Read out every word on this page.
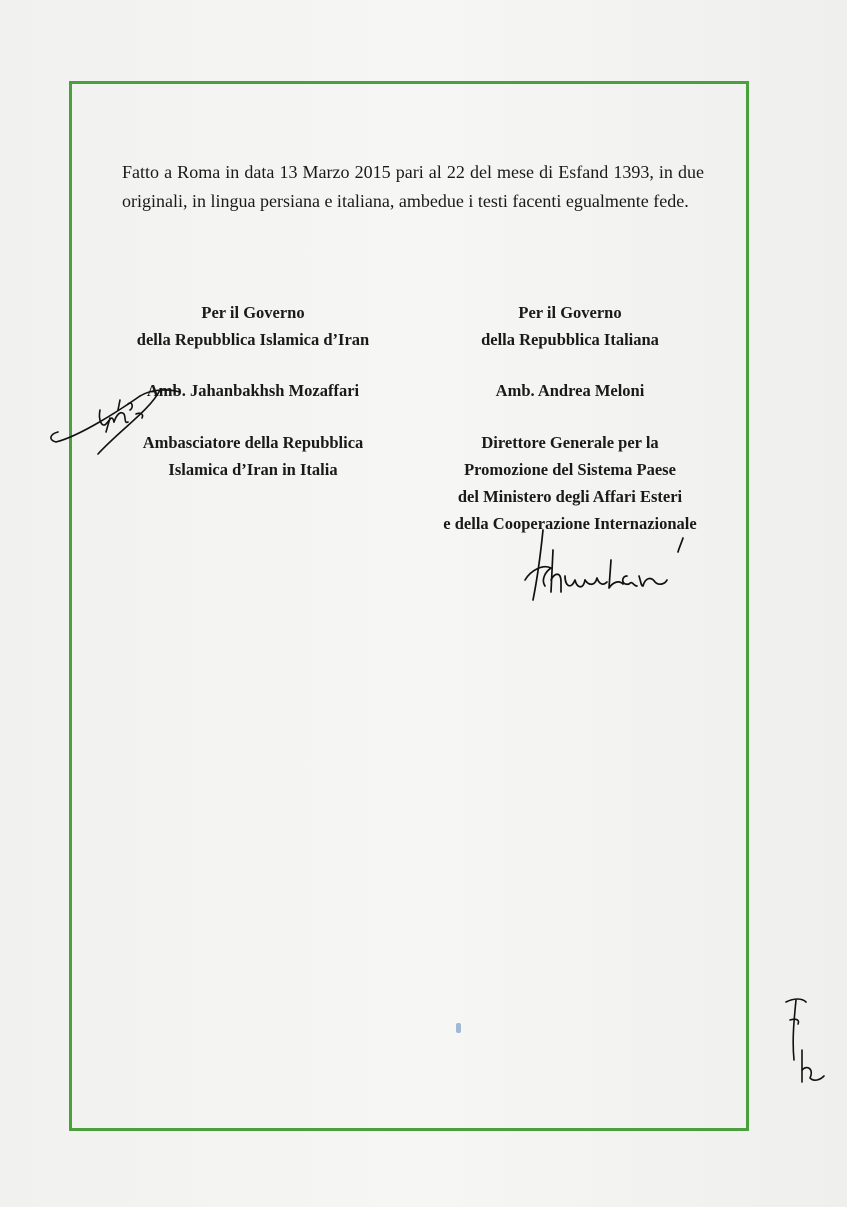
Fatto a Roma in data 13 Marzo 2015 pari al 22 del mese di Esfand 1393, in due originali, in lingua persiana e italiana, ambedue i testi facenti egualmente fede.

Per il Governo
della Repubblica Islamica d’Iran
Amb. Jahanbakhsh Mozaffari
Ambasciatore della Repubblica
Islamica d’Iran in Italia
Per il Governo
della Repubblica Italiana
Amb. Andrea Meloni
Direttore Generale per la
Promozione del Sistema Paese
del Ministero degli Affari Esteri
e della Cooperazione Internazionale
